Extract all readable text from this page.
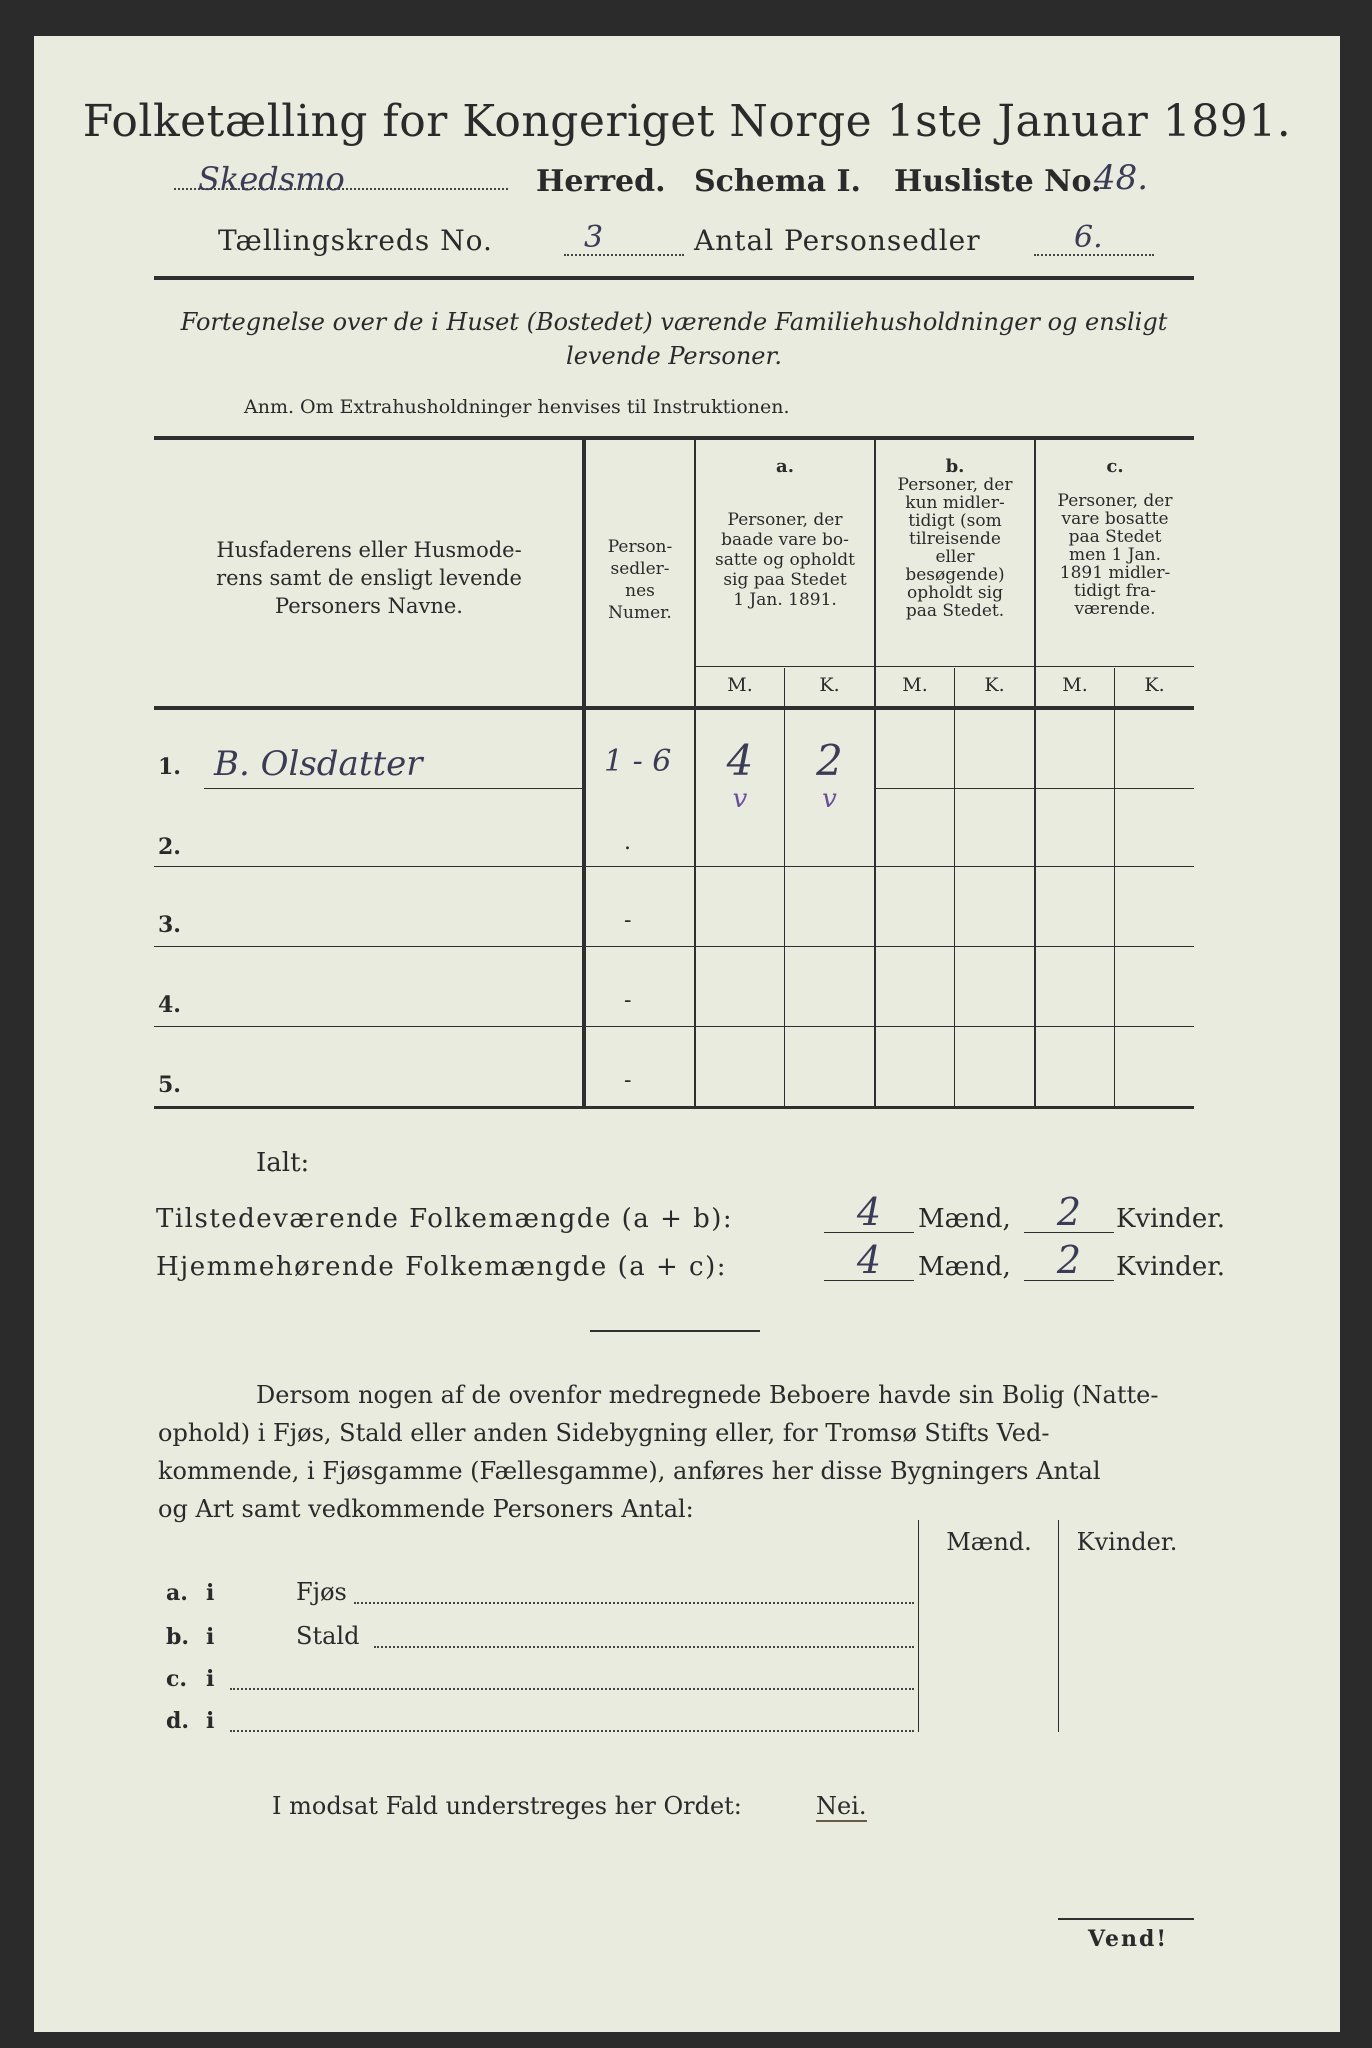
Folketælling for Kongeriget Norge 1ste Januar 1891.
Skedsmo	Herred. Schema I. Husliste No.
48.
Tællingskreds No.	3	Antal Personsedler	6.
Fortegnelse over de i Huset (Bostedet) værende Familiehusholdninger og ensligt
levende Personer.
Anm. Om Extrahusholdninger henvises til Instruktionen.
Husfaderens eller Husmode-
rens samt de ensligt levende
Personers Navne.
Person-
sedler-
nes
Numer.
a.
Personer, der
baade vare bo-
satte og opholdt
sig paa Stedet
1 Jan. 1891.
b.
Personer, der
kun midler-
tidigt (som
tilreisende
eller
besøgende)
opholdt sig
paa Stedet.
c.
Personer, der
vare bosatte
paa Stedet
men 1 Jan.
1891 midler-
tidigt fra-
værende.
M.	K.	M.	K.	M.	K.
1. B. Olsdatter	1 - 6	4	2
v	v
2.	.
3.	-
4.	-
5.	-
Ialt:
Tilstedeværende Folkemængde (a + b):	4	Mænd,	2	Kvinder.
Hjemmehørende Folkemængde (a + c):	4	Mænd,	2	Kvinder.
Dersom nogen af de ovenfor medregnede Beboere havde sin Bolig (Natte-
ophold) i Fjøs, Stald eller anden Sidebygning eller, for Tromsø Stifts Ved-
kommende, i Fjøsgamme (Fællesgamme), anføres her disse Bygningers Antal
og Art samt vedkommende Personers Antal:
Mænd.	Kvinder.
a. i	Fjøs
b. i	Stald
c. i
d. i
I modsat Fald understreges her Ordet:	Nei.
Vend!
